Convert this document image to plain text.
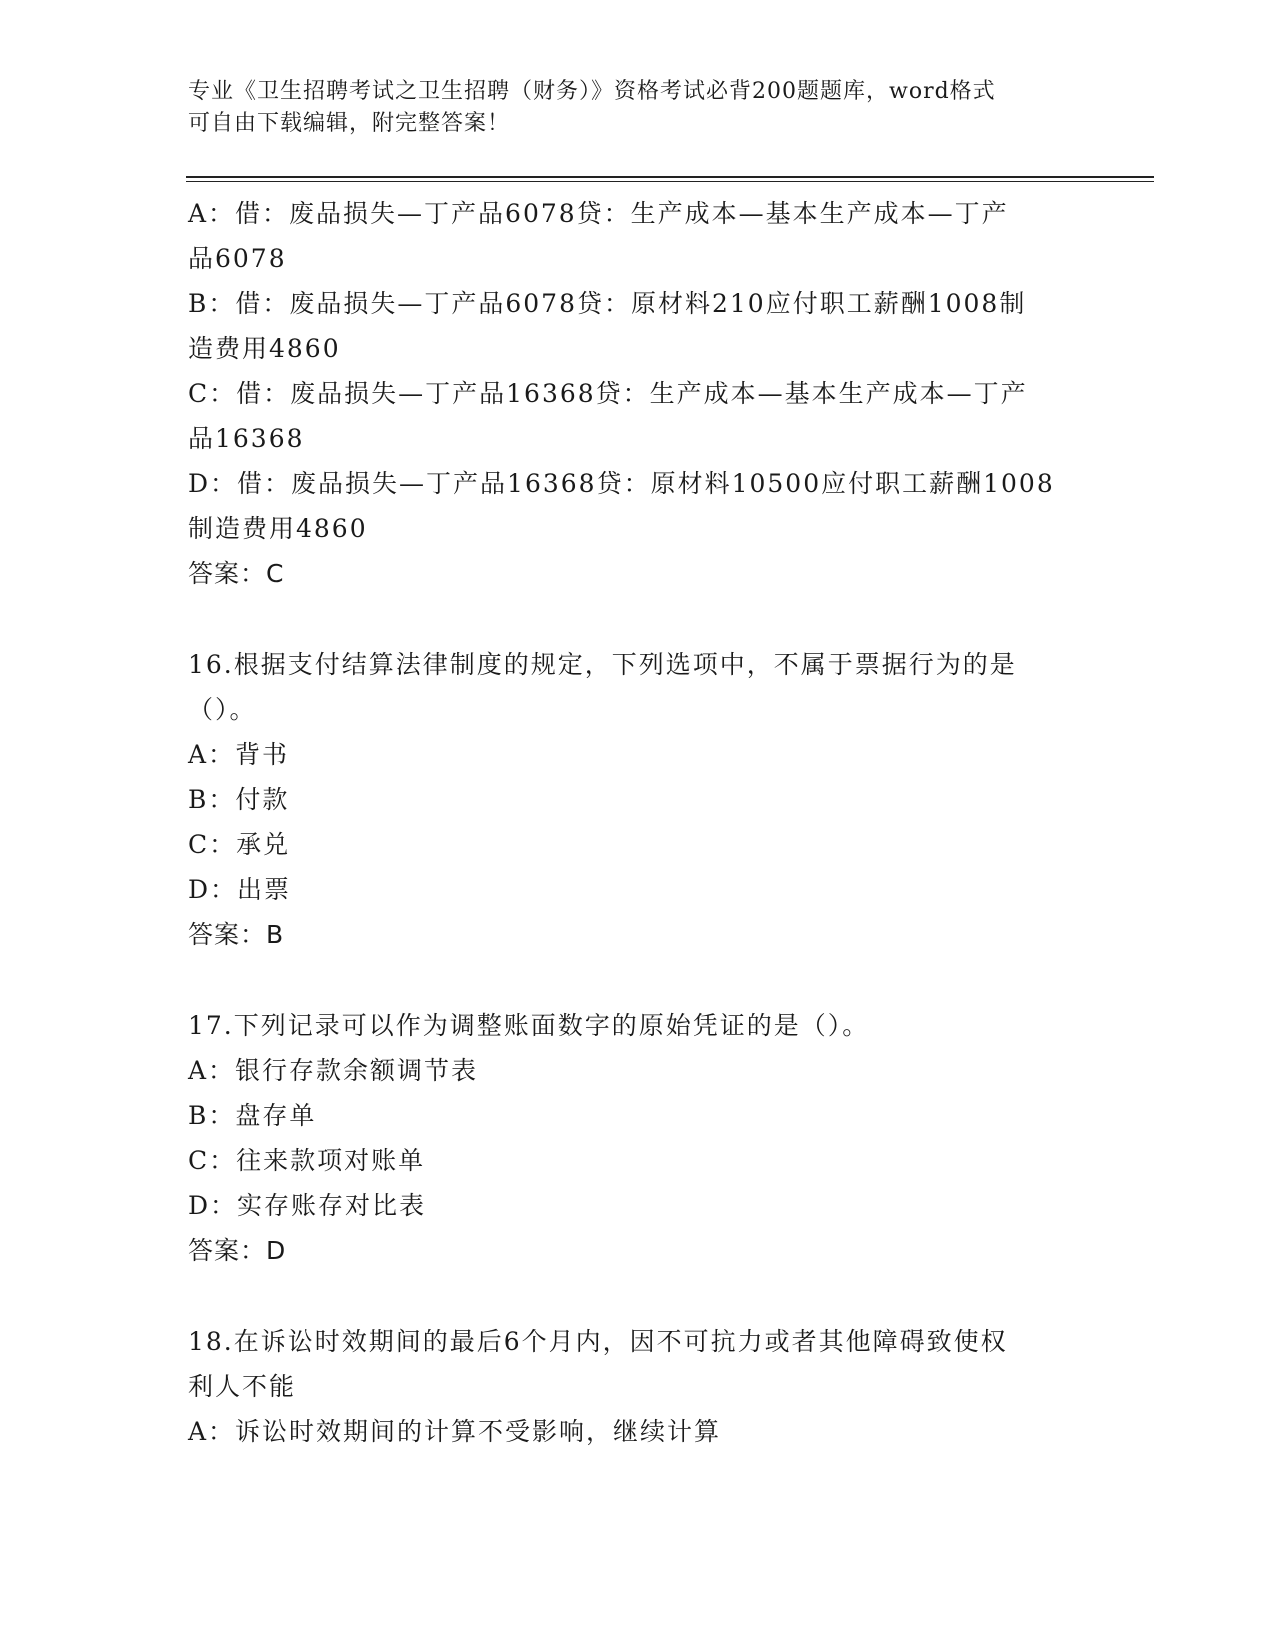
专业《卫生招聘考试之卫生招聘（财务）》资格考试必背200题题库，word格式
可自由下载编辑，附完整答案！
A：借：废品损失—丁产品6078贷：生产成本—基本生产成本—丁产
品6078
B：借：废品损失—丁产品6078贷：原材料210应付职工薪酬1008制
造费用4860
C：借：废品损失—丁产品16368贷：生产成本—基本生产成本—丁产
品16368
D：借：废品损失—丁产品16368贷：原材料10500应付职工薪酬1008
制造费用4860
答案：C
16.根据支付结算法律制度的规定，下列选项中，不属于票据行为的是
（）。
A：背书
B：付款
C：承兑
D：出票
答案：B
17.下列记录可以作为调整账面数字的原始凭证的是（）。
A：银行存款余额调节表
B：盘存单
C：往来款项对账单
D：实存账存对比表
答案：D
18.在诉讼时效期间的最后6个月内，因不可抗力或者其他障碍致使权
利人不能
A：诉讼时效期间的计算不受影响，继续计算
